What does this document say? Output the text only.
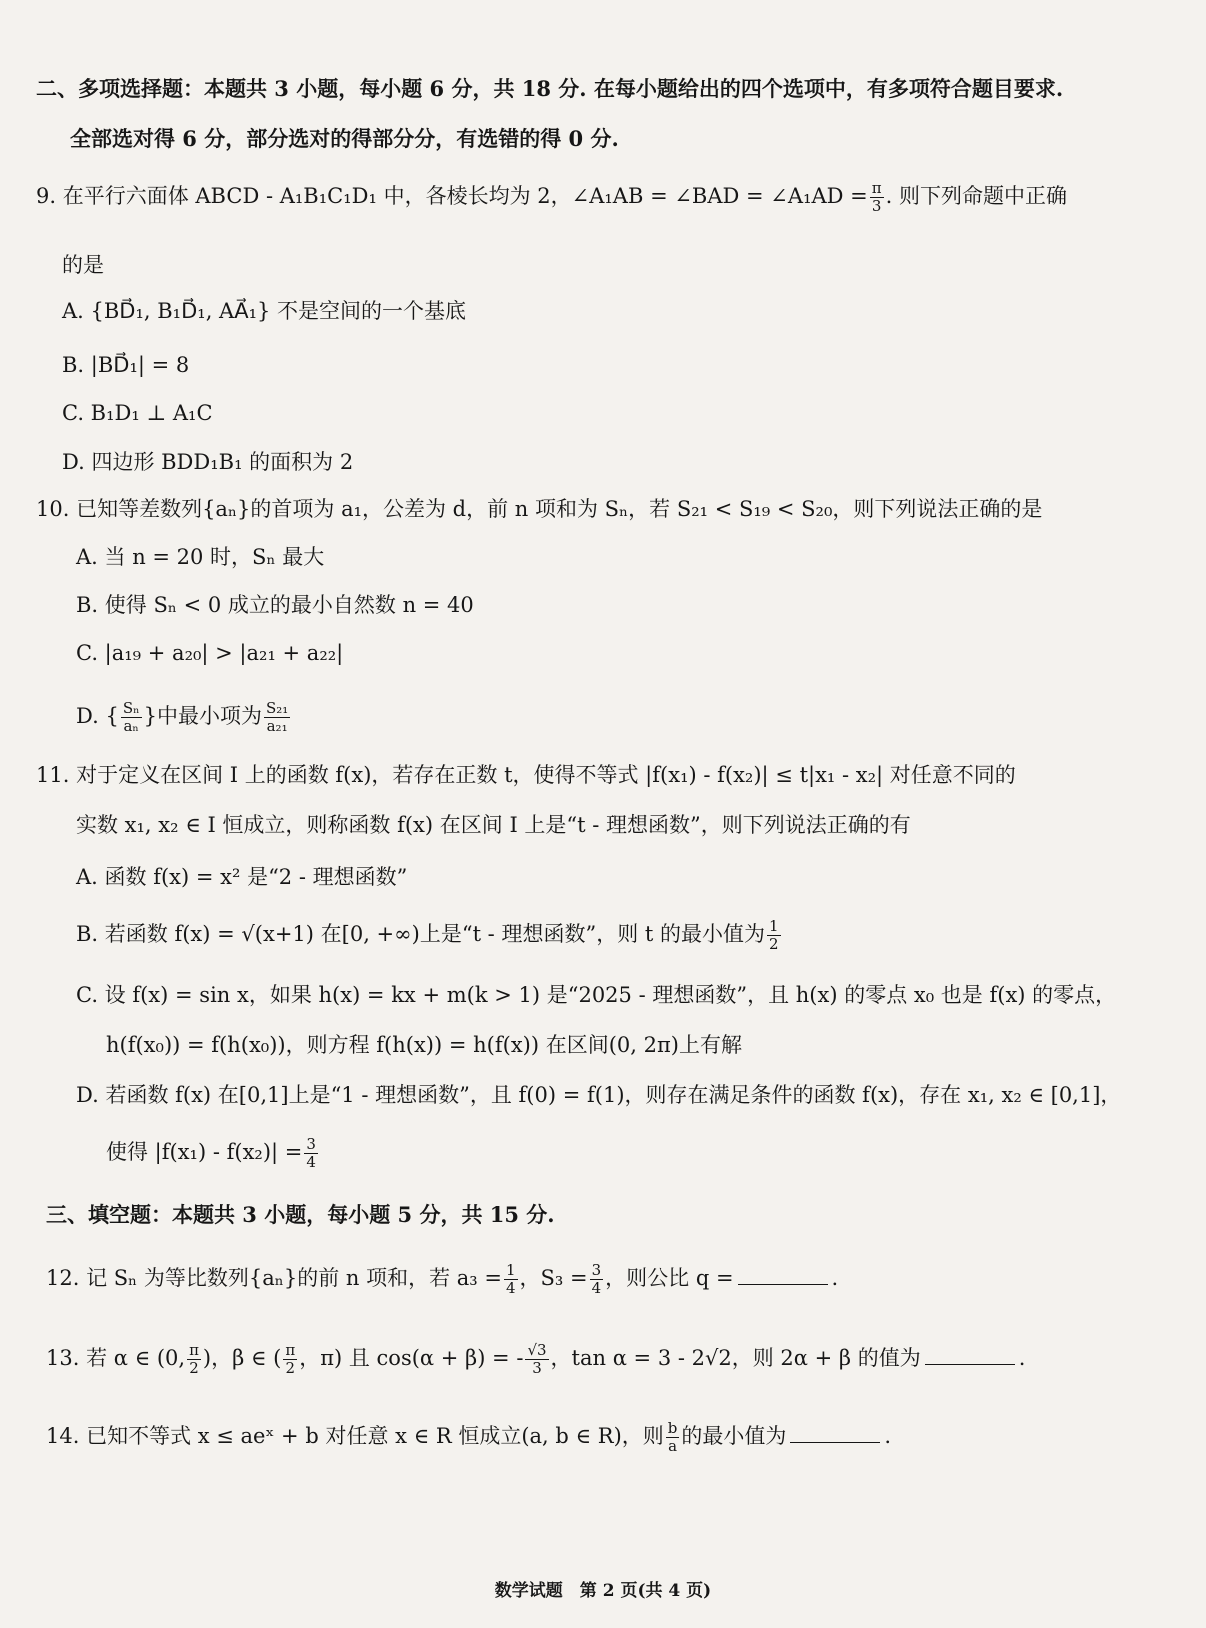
二、多项选择题：本题共 3 小题，每小题 6 分，共 18 分. 在每小题给出的四个选项中，有多项符合题目要求.
全部选对得 6 分，部分选对的得部分分，有选错的得 0 分.
9. 在平行六面体 ABCD - A₁B₁C₁D₁ 中，各棱长均为 2，∠A₁AB = ∠BAD = ∠A₁AD = $\frac{\pi}{3}$ . 则下列命题中正确
的是
A. {BD⃗₁, B₁D⃗₁, AA⃗₁} 不是空间的一个基底
B. |BD⃗₁| = 8
C. B₁D₁ ⊥ A₁C
D. 四边形 BDD₁B₁ 的面积为 2
10. 已知等差数列{aₙ}的首项为 a₁，公差为 d，前 n 项和为 Sₙ，若 S₂₁ < S₁₉ < S₂₀，则下列说法正确的是
A. 当 n = 20 时，Sₙ 最大
B. 使得 Sₙ < 0 成立的最小自然数 n = 40
C. |a₁₉ + a₂₀| > |a₂₁ + a₂₂|
D. { $\frac{\text{Sₙ}}{\text{aₙ}}$ }中最小项为 $\frac{\text{S₂₁}}{\text{a₂₁}}$
11. 对于定义在区间 I 上的函数 f(x)，若存在正数 t，使得不等式 |f(x₁) - f(x₂)| ≤ t|x₁ - x₂| 对任意不同的
实数 x₁, x₂ ∈ I 恒成立，则称函数 f(x) 在区间 I 上是“t - 理想函数”，则下列说法正确的有
A. 函数 f(x) = x² 是“2 - 理想函数”
B. 若函数 f(x) = √(x+1) 在[0, +∞)上是“t - 理想函数”，则 t 的最小值为 $\frac{1}{2}$
C. 设 f(x) = sin x，如果 h(x) = kx + m(k > 1) 是“2025 - 理想函数”，且 h(x) 的零点 x₀ 也是 f(x) 的零点，
h(f(x₀)) = f(h(x₀))，则方程 f(h(x)) = h(f(x)) 在区间(0, 2π)上有解
D. 若函数 f(x) 在[0,1]上是“1 - 理想函数”，且 f(0) = f(1)，则存在满足条件的函数 f(x)，存在 x₁, x₂ ∈ [0,1]，
使得 $|f(x_1) - f(x_2)| = \frac{3}{4}$
三、填空题：本题共 3 小题，每小题 5 分，共 15 分.
12. 记 Sₙ 为等比数列{aₙ}的前 n 项和，若 $a_3 = \frac{1}{4}$ ，$S_3 = \frac{3}{4}$ ，则公比 q =	.
13. 若 α ∈ (0, $\frac{\pi}{2}$ )，β ∈ ( $\frac{\pi}{2}$ ，π) 且 cos(α + β) = - $\frac{√3}{3}$ ，tan α = 3 - 2√2，则 2α + β 的值为	.
14. 已知不等式 x ≤ aeˣ + b 对任意 x ∈ R 恒成立(a, b ∈ R)，则 $\frac{b}{a}$ 的最小值为	.
数学试题　第 2 页(共 4 页)
